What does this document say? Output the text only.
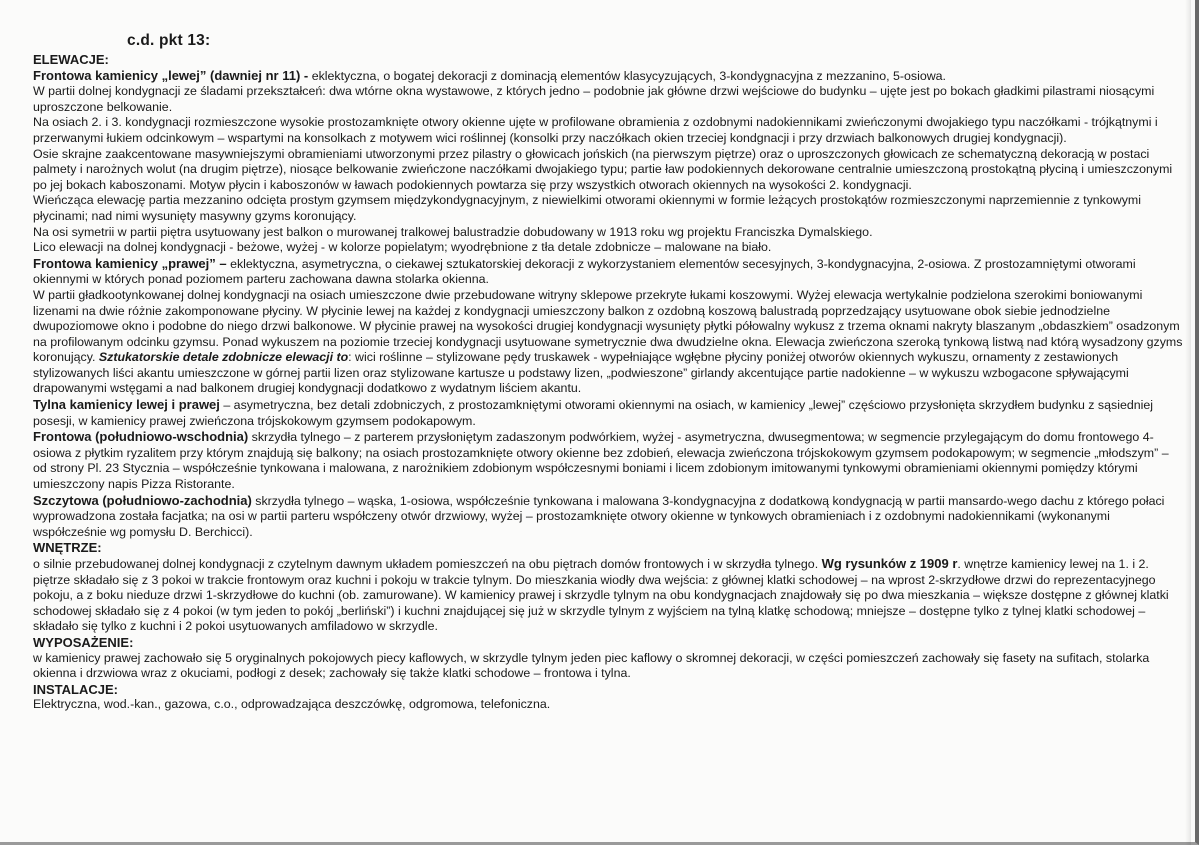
c.d. pkt 13:

ELEWACJE:

Frontowa kamienicy „lewej” (dawniej nr 11) - eklektyczna, o bogatej dekoracji z dominacją elementów klasycyzujących, 3-kondygnacyjna z mezzanino, 5-osiowa.

W partii dolnej kondygnacji ze śladami przekształceń: dwa wtórne okna wystawowe, z których jedno – podobnie jak główne drzwi wejściowe do budynku – ujęte jest po bokach gładkimi pilastrami niosącymi uproszczone belkowanie.

Na osiach 2. i 3. kondygnacji rozmieszczone wysokie prostozamknięte otwory okienne ujęte w profilowane obramienia z ozdobnymi nadokiennikami zwieńczonymi dwojakiego typu naczółkami - trójkątnymi i przerwanymi łukiem odcinkowym – wspartymi na konsolkach z motywem wici roślinnej (konsolki przy naczółkach okien trzeciej kondgnacji i przy drzwiach balkonowych drugiej kondygnacji).

Osie skrajne zaakcentowane masywniejszymi obramieniami utworzonymi przez pilastry o głowicach jońskich (na pierwszym piętrze) oraz o uproszczonych głowicach ze schematyczną dekoracją w postaci palmety i narożnych wolut (na drugim piętrze), niosące belkowanie zwieńczone naczółkami dwojakiego typu; partie ław podokiennych dekorowane centralnie umieszczoną prostokątną płyciną i umieszczonymi po jej bokach kaboszonami. Motyw płycin i kaboszonów w ławach podokiennych powtarza się przy wszystkich otworach okiennych na wysokości 2. kondygnacji.

Wieńcząca elewację partia mezzanino odcięta prostym gzymsem międzykondygnacyjnym, z niewielkimi otworami okiennymi w formie leżących prostokątów rozmieszczonymi naprzemiennie z tynkowymi płycinami; nad nimi wysunięty masywny gzyms koronujący.

Na osi symetrii w partii piętra usytuowany jest balkon o murowanej tralkowej balustradzie dobudowany w 1913 roku wg projektu Franciszka Dymalskiego.

Lico elewacji na dolnej kondygnacji - beżowe, wyżej - w kolorze popielatym; wyodrębnione z tła detale zdobnicze – malowane na biało.

Frontowa kamienicy „prawej” – eklektyczna, asymetryczna, o ciekawej sztukatorskiej dekoracji z wykorzystaniem elementów secesyjnych, 3-kondygnacyjna, 2-osiowa. Z prostozamniętymi otworami okiennymi w których ponad poziomem parteru zachowana dawna stolarka okienna.

W partii gładkootynkowanej dolnej kondygnacji na osiach umieszczone dwie przebudowane witryny sklepowe przekryte łukami koszowymi. Wyżej elewacja wertykalnie podzielona szerokimi boniowanymi lizenami na dwie różnie zakomponowane płyciny. W płycinie lewej na każdej z kondygnacji umieszczony balkon z ozdobną koszową balustradą poprzedzający usytuowane obok siebie jednodzielne dwupoziomowe okno i podobne do niego drzwi balkonowe. W płycinie prawej na wysokości drugiej kondygnacji wysunięty płytki półowalny wykusz z trzema oknami nakryty blaszanym „obdaszkiem” osadzonym na profilowanym odcinku gzymsu. Ponad wykuszem na poziomie trzeciej kondygnacji usytuowane symetrycznie dwa dwudzielne okna. Elewacja zwieńczona szeroką tynkową listwą nad którą wysadzony gzyms koronujący. Sztukatorskie detale zdobnicze elewacji to: wici roślinne – stylizowane pędy truskawek - wypełniające wgłębne płyciny poniżej otworów okiennych wykuszu, ornamenty z zestawionych stylizowanych liści akantu umieszczone w górnej partii lizen oraz stylizowane kartusze u podstawy lizen, „podwieszone” girlandy akcentujące partie nadokienne – w wykuszu wzbogacone spływającymi drapowanymi wstęgami a nad balkonem drugiej kondygnacji dodatkowo z wydatnym liściem akantu.

Tylna kamienicy lewej i prawej – asymetryczna, bez detali zdobniczych, z prostozamkniętymi otworami okiennymi na osiach, w kamienicy „lewej” częściowo przysłonięta skrzydłem budynku z sąsiedniej posesji, w kamienicy prawej zwieńczona trójskokowym gzymsem podokapowym.

Frontowa (południowo-wschodnia) skrzydła tylnego – z parterem przysłoniętym zadaszonym podwórkiem, wyżej - asymetryczna, dwusegmentowa; w segmencie przylegającym do domu frontowego 4-osiowa z płytkim ryzalitem przy którym znajdują się balkony; na osiach prostozamknięte otwory okienne bez zdobień, elewacja zwieńczona trójskokowym gzymsem podokapowym; w segmencie „młodszym” – od strony Pl. 23 Stycznia – współcześnie tynkowana i malowana, z narożnikiem zdobionym współczesnymi boniami i licem zdobionym imitowanymi tynkowymi obramieniami okiennymi pomiędzy którymi umieszczony napis Pizza Ristorante.

Szczytowa (południowo-zachodnia) skrzydła tylnego – wąska, 1-osiowa, współcześnie tynkowana i malowana 3-kondygnacyjna z dodatkową kondygnacją w partii mansardo-wego dachu z którego połaci wyprowadzona została facjatka; na osi w partii parteru współczeny otwór drzwiowy, wyżej – prostozamknięte otwory okienne w tynkowych obramieniach i z ozdobnymi nadokiennikami (wykonanymi współcześnie wg pomysłu D. Berchicci).

WNĘTRZE:

o silnie przebudowanej dolnej kondygnacji z czytelnym dawnym układem pomieszczeń na obu piętrach domów frontowych i w skrzydła tylnego. Wg rysunków z 1909 r. wnętrze kamienicy lewej na 1. i 2. piętrze składało się z 3 pokoi w trakcie frontowym oraz kuchni i pokoju w trakcie tylnym. Do mieszkania wiodły dwa wejścia: z głównej klatki schodowej – na wprost 2-skrzydłowe drzwi do reprezentacyjnego pokoju, a z boku nieduze drzwi 1-skrzydłowe do kuchni (ob. zamurowane). W kamienicy prawej i skrzydle tylnym na obu kondygnacjach znajdowały się po dwa mieszkania – większe dostępne z głównej klatki schodowej składało się z 4 pokoi (w tym jeden to pokój „berliński”) i kuchni znajdującej się już w skrzydle tylnym z wyjściem na tylną klatkę schodową; mniejsze – dostępne tylko z tylnej klatki schodowej –składało się tylko z kuchni i 2 pokoi usytuowanych amfiladowo w skrzydle.

WYPOSAŻENIE:

w kamienicy prawej zachowało się 5 oryginalnych pokojowych piecy kaflowych, w skrzydle tylnym jeden piec kaflowy o skromnej dekoracji, w części pomieszczeń zachowały się fasety na sufitach, stolarka okienna i drzwiowa wraz z okuciami, podłogi z desek; zachowały się także klatki schodowe – frontowa i tylna.

INSTALACJE:

Elektryczna, wod.-kan., gazowa, c.o., odprowadzająca deszczówkę, odgromowa, telefoniczna.
